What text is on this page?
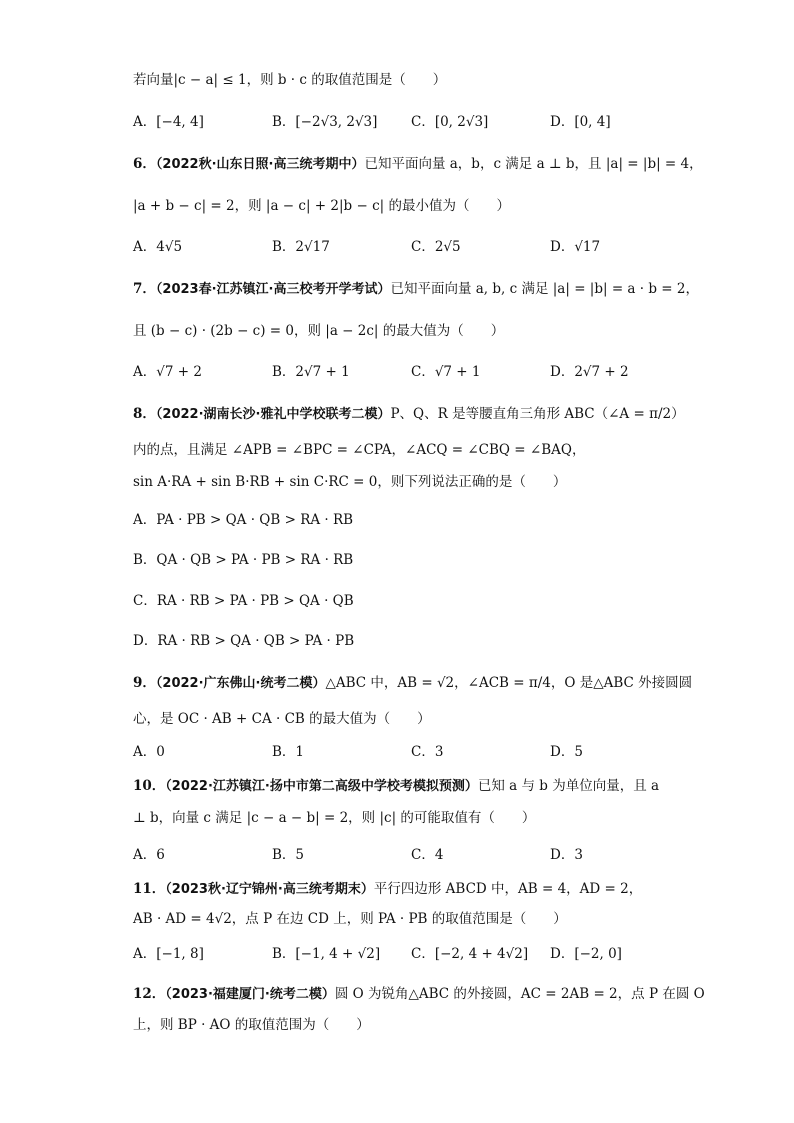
若向量|c − a| ≤ 1，则 b · c 的取值范围是（　　）
A．[−4, 4]	B．[−2√3, 2√3] C．[0, 2√3]	D．[0, 4]
6．（2022秋·山东日照·高三统考期中）已知平面向量 a，b，c 满足 a ⊥ b，且 |a| = |b| = 4，
|a + b − c| = 2，则 |a − c| + 2|b − c| 的最小值为（　　）
A．4√5	B．2√17	C．2√5	D．√17
7．（2023春·江苏镇江·高三校考开学考试）已知平面向量 a, b, c 满足 |a| = |b| = a · b = 2，
且 (b − c) · (2b − c) = 0，则 |a − 2c| 的最大值为（　　）
A．√7 + 2	B．2√7 + 1	C．√7 + 1	D．2√7 + 2
8．（2022·湖南长沙·雅礼中学校联考二模）P、Q、R 是等腰直角三角形 ABC（∠A = π/2）
内的点，且满足 ∠APB = ∠BPC = ∠CPA，∠ACQ = ∠CBQ = ∠BAQ，
sin A·RA + sin B·RB + sin C·RC = 0，则下列说法正确的是（　　）
A．PA · PB > QA · QB > RA · RB
B．QA · QB > PA · PB > RA · RB
C．RA · RB > PA · PB > QA · QB
D．RA · RB > QA · QB > PA · PB
9．（2022·广东佛山·统考二模）△ABC 中，AB = √2，∠ACB = π/4，O 是△ABC 外接圆圆
心，是 OC · AB + CA · CB 的最大值为（　　）
A．0	B．1	C．3	D．5
10．（2022·江苏镇江·扬中市第二高级中学校考模拟预测）已知 a 与 b 为单位向量，且 a
⊥ b，向量 c 满足 |c − a − b| = 2，则 |c| 的可能取值有（　　）
A．6	B．5	C．4	D．3
11．（2023秋·辽宁锦州·高三统考期末）平行四边形 ABCD 中，AB = 4，AD = 2，
AB · AD = 4√2，点 P 在边 CD 上，则 PA · PB 的取值范围是（　　）
A．[−1, 8]	B．[−1, 4 + √2] C．[−2, 4 + 4√2] D．[−2, 0]
12．（2023·福建厦门·统考二模）圆 O 为锐角△ABC 的外接圆，AC = 2AB = 2，点 P 在圆 O
上，则 BP · AO 的取值范围为（　　）
